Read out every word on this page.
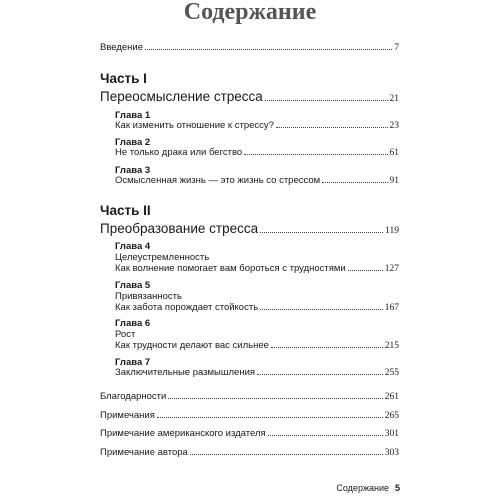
Содержание
Введение	7
Часть I
Переосмысление стресса	21
Глава 1
Как изменить отношение к стрессу?	23
Глава 2
Не только драка или бегство	61
Глава 3
Осмысленная жизнь — это жизнь со стрессом	91
Часть II
Преобразование стресса	119
Глава 4
Целеустремленность
Как волнение помогает вам бороться с трудностями	127
Глава 5
Привязанность
Как забота порождает стойкость	167
Глава 6
Рост
Как трудности делают вас сильнее	215
Глава 7
Заключительные размышления	255
Благодарности	261
Примечания	265
Примечание американского издателя	301
Примечание автора	303
Содержание 5
